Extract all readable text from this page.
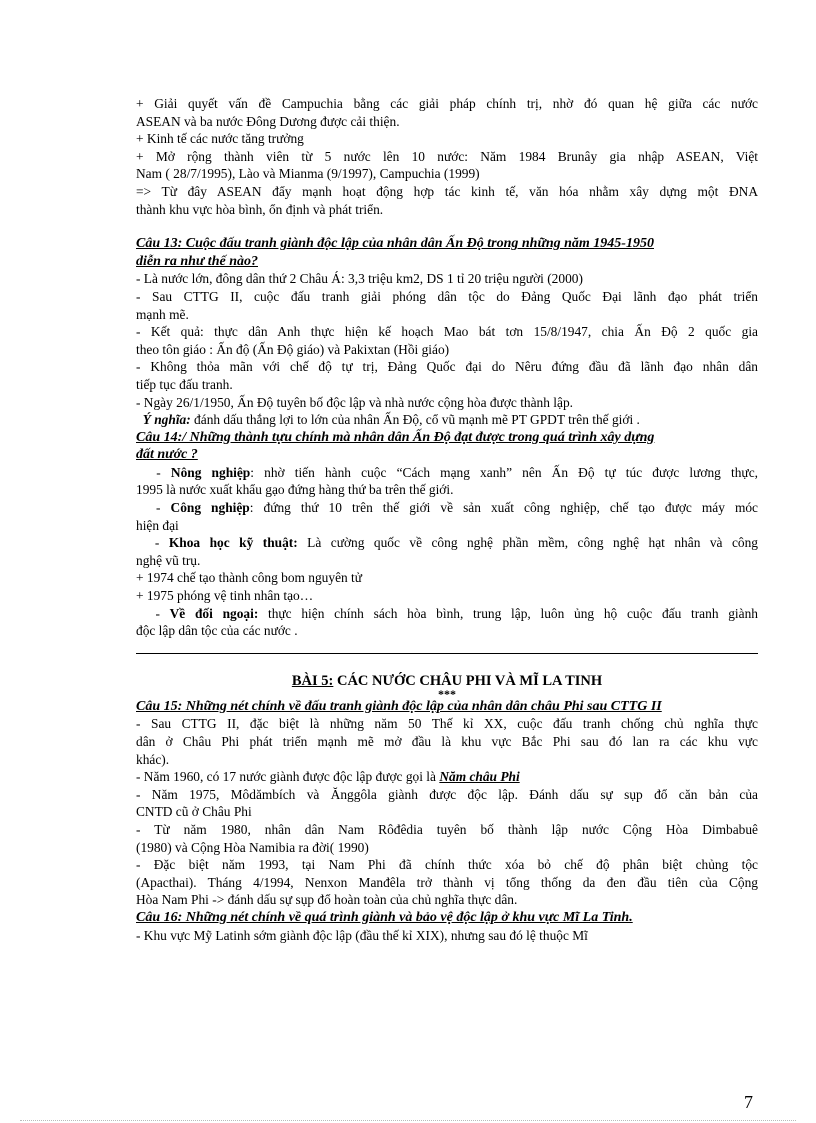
+ Giải quyết vấn đề Campuchia bằng các giải pháp chính trị, nhờ đó quan hệ giữa các nước
ASEAN và ba nước Đông Dương được cải thiện.
+ Kinh tế các nước tăng trưởng
+ Mở rộng thành viên từ 5 nước lên 10 nước: Năm 1984 Brunây gia nhập ASEAN, Việt
Nam ( 28/7/1995), Lào và Mianma (9/1997), Campuchia (1999)
=> Từ đây ASEAN đẩy mạnh hoạt động hợp tác kinh tế, văn hóa nhằm xây dựng một ĐNA
thành khu vực hòa bình, ổn định và phát triển.
Câu 13: Cuộc đấu tranh giành độc lập của nhân dân Ấn Độ trong những năm 1945-1950
diễn ra như thế nào?
- Là nước lớn, đông dân thứ 2 Châu Á: 3,3 triệu km2, DS 1 tỉ 20 triệu người (2000)
- Sau CTTG II, cuộc đấu tranh giải phóng dân tộc do Đảng Quốc Đại lãnh đạo phát triển
mạnh mẽ.
- Kết quả: thực dân Anh thực hiện kế hoạch Mao bát tơn 15/8/1947, chia Ấn Độ 2 quốc gia
theo tôn giáo : Ấn độ (Ấn Độ giáo) và Pakixtan (Hồi giáo)
- Không thỏa mãn với chế độ tự trị, Đảng Quốc đại do Nêru đứng đầu đã lãnh đạo nhân dân
tiếp tục đấu tranh.
- Ngày 26/1/1950, Ấn Độ tuyên bố độc lập và nhà nước cộng hòa được thành lập.
Ý nghĩa: đánh dấu thắng lợi to lớn của nhân Ấn Độ, cổ vũ mạnh mẽ PT GPDT trên thế giới .
Câu 14:/ Những thành tựu chính mà nhân dân Ấn Độ đạt được trong quá trình xây dựng
đất nước ?
- Nông nghiệp: nhờ tiến hành cuộc “Cách mạng xanh” nên Ấn Độ tự túc được lương thực,
1995 là nước xuất khẩu gạo đứng hàng thứ ba trên thế giới.
- Công nghiệp: đứng thứ 10 trên thế giới về sản xuất công nghiệp, chế tạo được máy móc
hiện đại
- Khoa học kỹ thuật: Là cường quốc về công nghệ phần mềm, công nghệ hạt nhân và công
nghệ vũ trụ.
+ 1974 chế tạo thành công bom nguyên tử
+ 1975 phóng vệ tinh nhân tạo…
- Về đối ngoại: thực hiện chính sách hòa bình, trung lập, luôn ủng hộ cuộc đấu tranh giành
độc lập dân tộc của các nước .
BÀI 5: CÁC NƯỚC CHÂU PHI VÀ MĨ LA TINH
***
Câu 15: Những nét chính về đấu tranh giành độc lập của nhân dân châu Phi sau CTTG II
- Sau CTTG II, đặc biệt là những năm 50 Thế kỉ XX, cuộc đấu tranh chống chủ nghĩa thực
dân ở Châu Phi phát triển mạnh mẽ mở đầu là khu vực Bắc Phi sau đó lan ra các khu vực
khác).
- Năm 1960, có 17 nước giành được độc lập được gọi là Năm châu Phi
- Năm 1975, Môdămbích và Ănggôla giành được độc lập. Đánh dấu sự sụp đổ căn bản của
CNTD cũ ở Châu Phi
- Từ năm 1980, nhân dân Nam Rôđêdia tuyên bố thành lập nước Cộng Hòa Dimbabuê
(1980) và Cộng Hòa Namibia ra đời( 1990)
- Đặc biệt năm 1993, tại Nam Phi đã chính thức xóa bỏ chế độ phân biệt chủng tộc
(Apacthai). Tháng 4/1994, Nenxon Manđêla trở thành vị tổng thống da đen đầu tiên của Cộng
Hòa Nam Phi -> đánh dấu sự sụp đổ hoàn toàn của chủ nghĩa thực dân.
Câu 16: Những nét chính về quá trình giành và bảo vệ độc lập ở khu vực Mĩ La Tinh.
- Khu vực Mỹ Latinh sớm giành độc lập (đầu thế kỉ XIX), nhưng sau đó lệ thuộc Mĩ
7
